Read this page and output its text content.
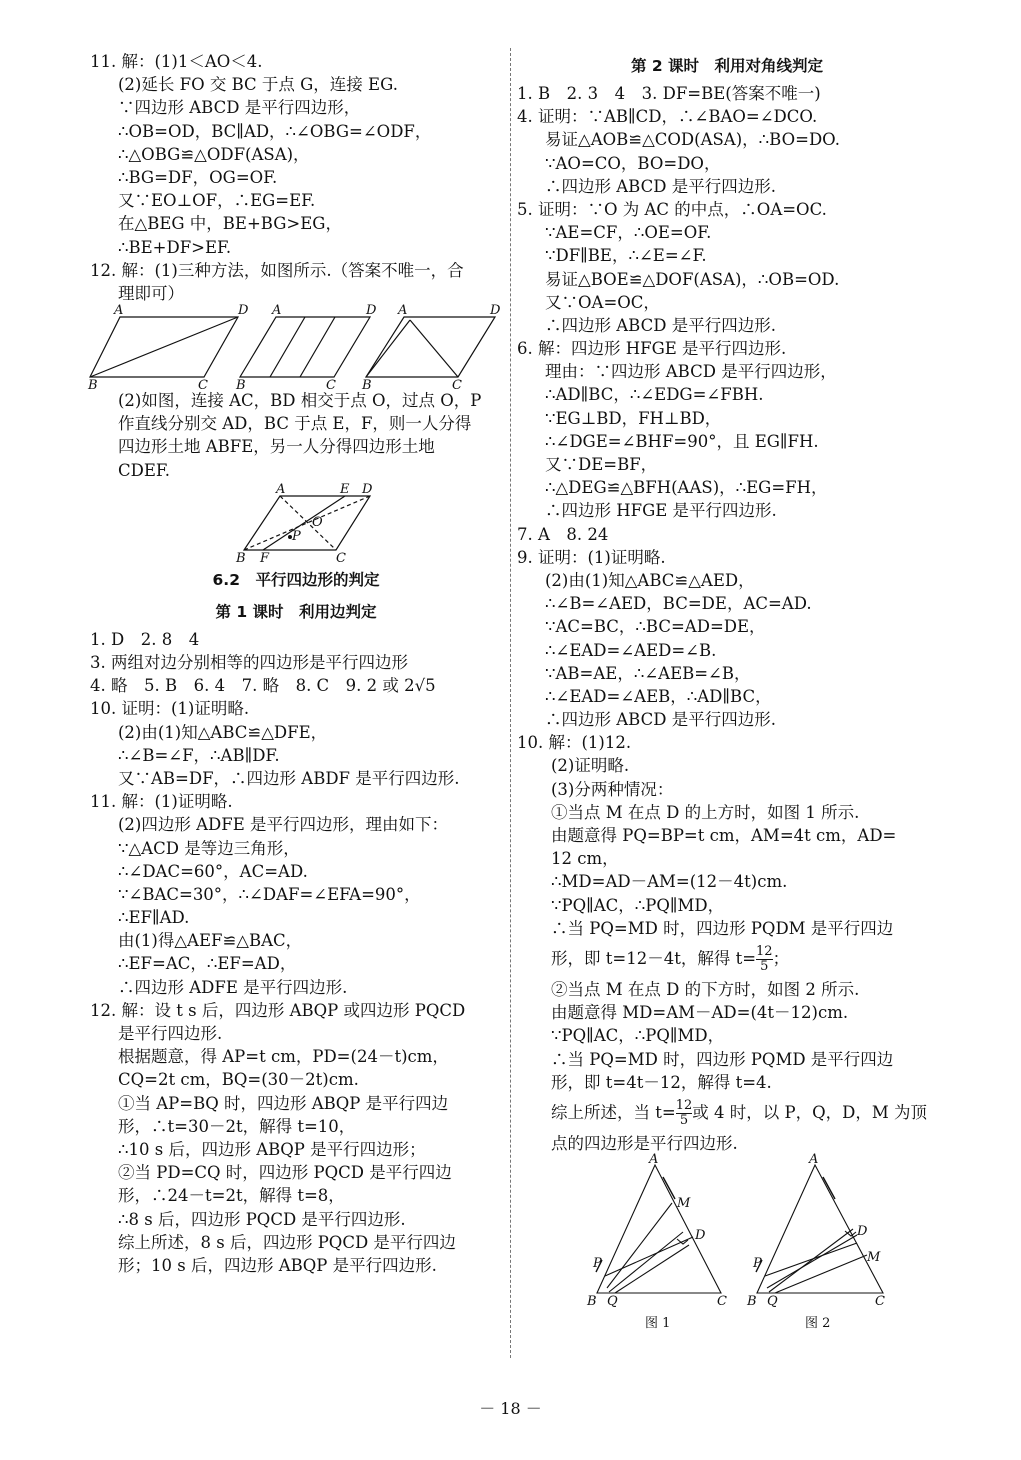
11. 解：(1)1＜AO＜4.
(2)延长 FO 交 BC 于点 G，连接 EG.
∵四边形 ABCD 是平行四边形，
∴OB=OD，BC∥AD，∴∠OBG=∠ODF，
∴△OBG≌△ODF(ASA)，
∴BG=DF，OG=OF.
又∵EO⊥OF，∴EG=EF.
在△BEG 中，BE+BG>EG，
∴BE+DF>EF.
12. 解：(1)三种方法，如图所示.（答案不唯一，合
理即可）
A	D
B	C
A	D
B	C
A	D
B	C
(2)如图，连接 AC，BD 相交于点 O，过点 O，P
作直线分别交 AD，BC 于点 E，F，则一人分得
四边形土地 ABFE，另一人分得四边形土地
CDEF.
A	E D
O
P
B F	C
6.2　平行四边形的判定
第 1 课时　利用边判定
1. D　2. 8　4
3. 两组对边分别相等的四边形是平行四边形
4. 略　5. B　6. 4　7. 略　8. C　9. 2 或 2√5
10. 证明：(1)证明略.
(2)由(1)知△ABC≌△DFE，
∴∠B=∠F，∴AB∥DF.
又∵AB=DF，∴四边形 ABDF 是平行四边形.
11. 解：(1)证明略.
(2)四边形 ADFE 是平行四边形，理由如下：
∵△ACD 是等边三角形，
∴∠DAC=60°，AC=AD.
∵∠BAC=30°，∴∠DAF=∠EFA=90°，
∴EF∥AD.
由(1)得△AEF≌△BAC，
∴EF=AC，∴EF=AD，
∴四边形 ADFE 是平行四边形.
12. 解：设 t s 后，四边形 ABQP 或四边形 PQCD
是平行四边形.
根据题意，得 AP=t cm，PD=(24－t)cm，
CQ=2t cm，BQ=(30－2t)cm.
①当 AP=BQ 时，四边形 ABQP 是平行四边
形，∴t=30－2t，解得 t=10，
∴10 s 后，四边形 ABQP 是平行四边形；
②当 PD=CQ 时，四边形 PQCD 是平行四边
形，∴24－t=2t，解得 t=8，
∴8 s 后，四边形 PQCD 是平行四边形.
综上所述，8 s 后，四边形 PQCD 是平行四边
形；10 s 后，四边形 ABQP 是平行四边形.
第 2 课时　利用对角线判定
1. B　2. 3　4　3. DF=BE(答案不唯一)
4. 证明：∵AB∥CD，∴∠BAO=∠DCO.
易证△AOB≌△COD(ASA)，∴BO=DO.
∵AO=CO，BO=DO，
∴四边形 ABCD 是平行四边形.
5. 证明：∵O 为 AC 的中点，∴OA=OC.
∵AE=CF，∴OE=OF.
∵DF∥BE，∴∠E=∠F.
易证△BOE≌△DOF(ASA)，∴OB=OD.
又∵OA=OC，
∴四边形 ABCD 是平行四边形.
6. 解：四边形 HFGE 是平行四边形.
理由：∵四边形 ABCD 是平行四边形，
∴AD∥BC，∴∠EDG=∠FBH.
∵EG⊥BD，FH⊥BD，
∴∠DGE=∠BHF=90°，且 EG∥FH.
又∵DE=BF，
∴△DEG≌△BFH(AAS)，∴EG=FH，
∴四边形 HFGE 是平行四边形.
7. A　8. 24
9. 证明：(1)证明略.
(2)由(1)知△ABC≌△AED，
∴∠B=∠AED，BC=DE，AC=AD.
∵AC=BC，∴BC=AD=DE，
∴∠EAD=∠AED=∠B.
∵AB=AE，∴∠AEB=∠B，
∴∠EAD=∠AEB，∴AD∥BC，
∴四边形 ABCD 是平行四边形.
10. 解：(1)12.
(2)证明略.
(3)分两种情况：
①当点 M 在点 D 的上方时，如图 1 所示.
由题意得 PQ=BP=t cm，AM=4t cm，AD=
12 cm，
∴MD=AD－AM=(12－4t)cm.
∵PQ∥AC，∴PQ∥MD，
∴当 PQ=MD 时，四边形 PQDM 是平行四边
形，即 t=12－4t，解得 $t= \frac{12}{5}$ ；
②当点 M 在点 D 的下方时，如图 2 所示.
由题意得 MD=AM－AD=(4t－12)cm.
∵PQ∥AC，∴PQ∥MD，
∴当 PQ=MD 时，四边形 PQMD 是平行四边
形，即 t=4t－12，解得 t=4.
综上所述，当 $t= \frac{12}{5}$ 或 4 时，以 P，Q，D，M 为顶
点的四边形是平行四边形.
A
M
D
P
B Q	C
A
D
M
P
B Q	C
图 1	图 2
－ 18 －
